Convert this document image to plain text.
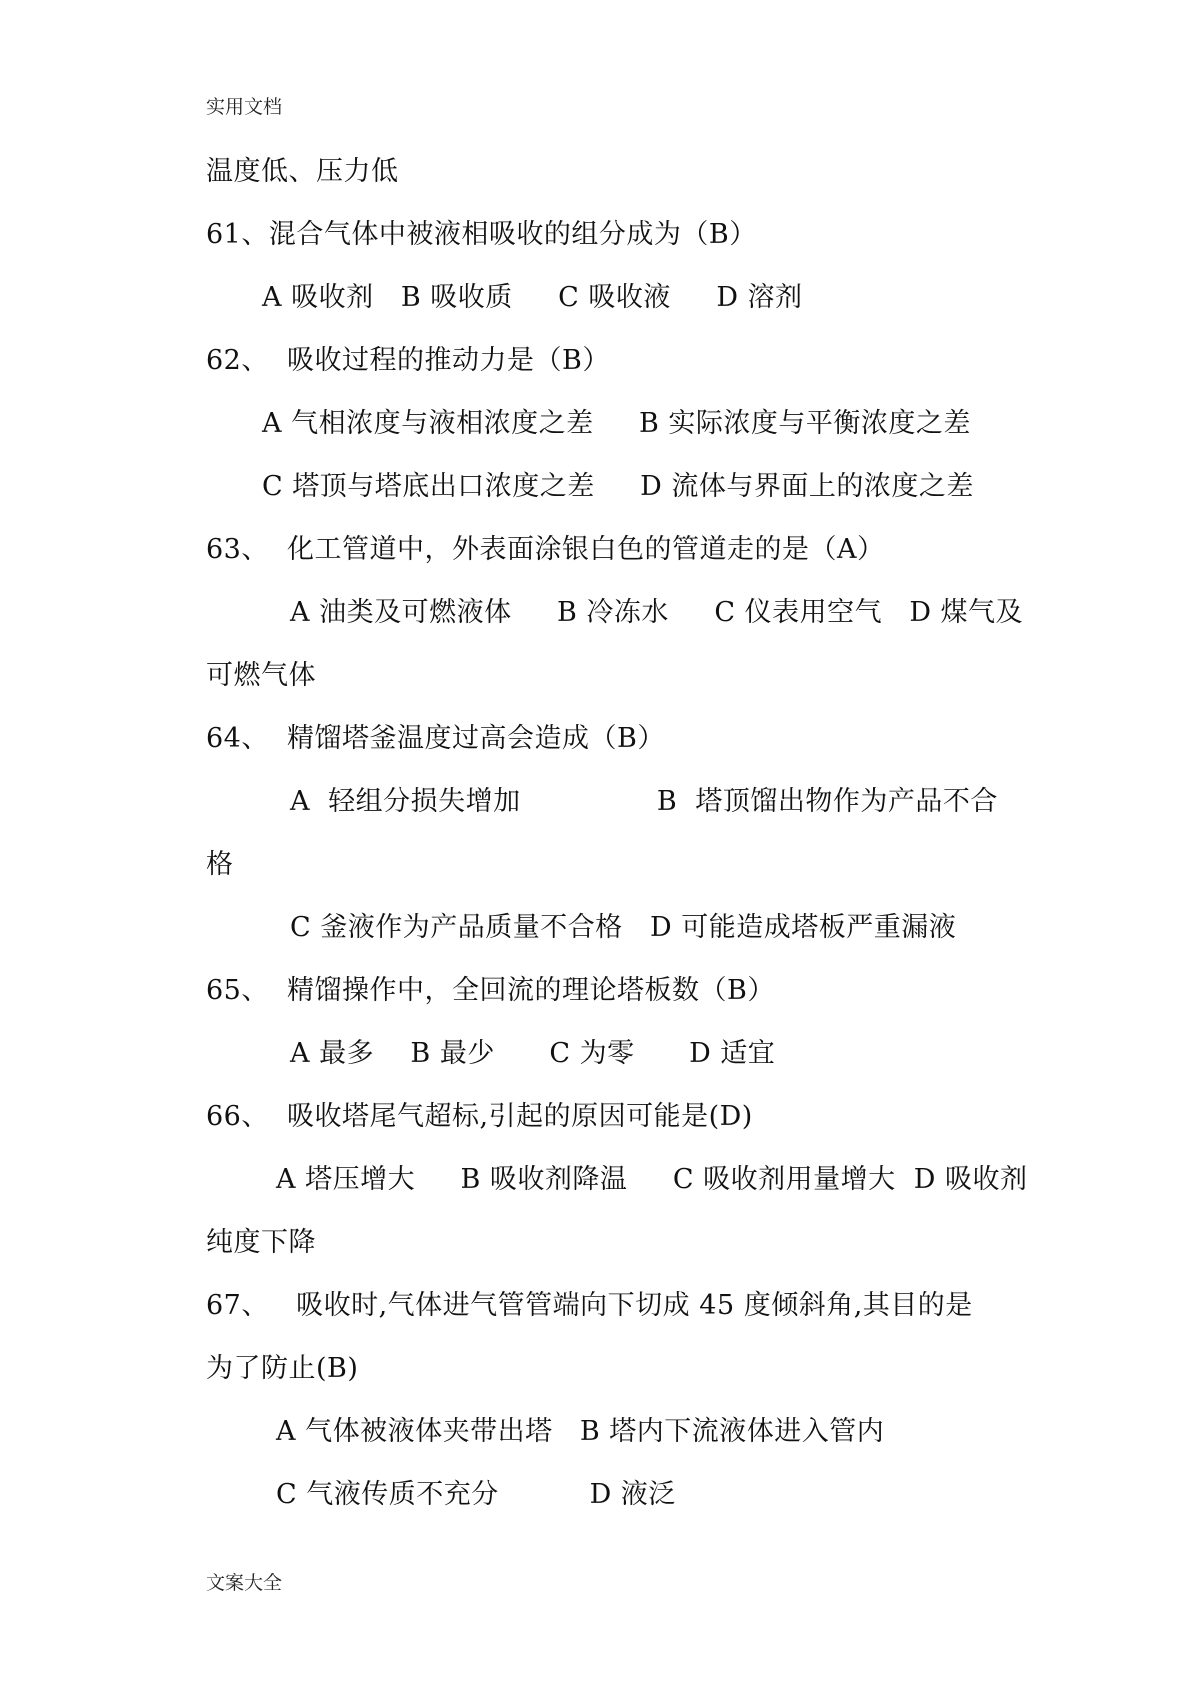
实用文档
温度低、压力低
61、混合气体中被液相吸收的组分成为（B）
A 吸收剂   B 吸收质     C 吸收液     D 溶剂
62、  吸收过程的推动力是（B）
A 气相浓度与液相浓度之差     B 实际浓度与平衡浓度之差
C 塔顶与塔底出口浓度之差     D 流体与界面上的浓度之差
63、  化工管道中，外表面涂银白色的管道走的是（A）
A 油类及可燃液体     B 冷冻水     C 仪表用空气   D 煤气及
可燃气体
64、  精馏塔釜温度过高会造成（B）
A  轻组分损失增加               B  塔顶馏出物作为产品不合
格
C 釜液作为产品质量不合格   D 可能造成塔板严重漏液
65、  精馏操作中，全回流的理论塔板数（B）
A 最多    B 最少      C 为零      D 适宜
66、  吸收塔尾气超标,引起的原因可能是(D)
A 塔压增大     B 吸收剂降温     C 吸收剂用量增大  D 吸收剂
纯度下降
67、   吸收时,气体进气管管端向下切成 45 度倾斜角,其目的是
为了防止(B)
A 气体被液体夹带出塔   B 塔内下流液体进入管内
C 气液传质不充分          D 液泛
文案大全
